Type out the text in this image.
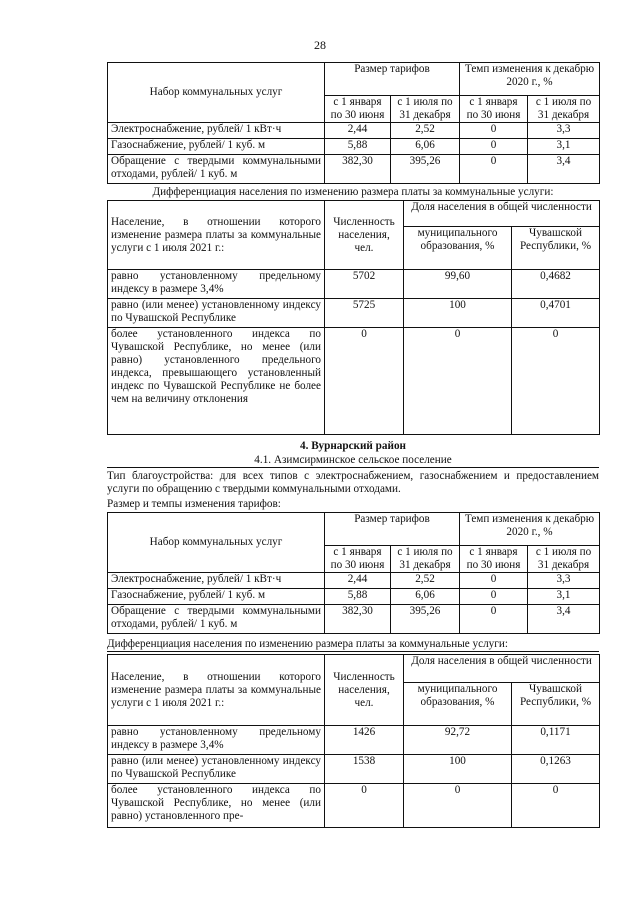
28
Набор коммунальных услуг	Размер тарифов		Темп изменения к декабрю 2020 г., %	
	с 1 января по 30 июня	с 1 июля по 31 декабря	с 1 января по 30 июня	с 1 июля по 31 декабря
Электроснабжение, рублей/ 1 кВт·ч	2,44	2,52	0	3,3
Газоснабжение, рублей/ 1 куб. м	5,88	6,06	0	3,1
Обращение с твердыми коммунальными отходами, рублей/ 1 куб. м	382,30	395,26	0	3,4
Дифференциация населения по изменению размера платы за коммунальные услуги:
Население, в отношении которого изменение размера платы за коммунальные услуги с 1 июля 2021 г.:	Численность населения, чел.	Доля населения в общей численности	
		муниципального образования, %	Чувашской Республики, %
равно установленному предельному индексу в размере 3,4%	5702	99,60	0,4682
равно (или менее) установленному индексу по Чувашской Республике	5725	100	0,4701
более установленного индекса по Чувашской Республике, но менее (или равно) установленного предельного индекса, превышающего установленный индекс по Чувашской Республике не более чем на величину отклонения	0	0	0
4. Вурнарский район
4.1. Азимсирминское сельское поселение
Тип благоустройства: для всех типов с электроснабжением, газоснабжением и предоставлением услуги по обращению с твердыми коммунальными отходами.
Размер и темпы изменения тарифов:
Набор коммунальных услуг	Размер тарифов		Темп изменения к декабрю 2020 г., %	
	с 1 января по 30 июня	с 1 июля по 31 декабря	с 1 января по 30 июня	с 1 июля по 31 декабря
Электроснабжение, рублей/ 1 кВт·ч	2,44	2,52	0	3,3
Газоснабжение, рублей/ 1 куб. м	5,88	6,06	0	3,1
Обращение с твердыми коммунальными отходами, рублей/ 1 куб. м	382,30	395,26	0	3,4
Дифференциация населения по изменению размера платы за коммунальные услуги:
Население, в отношении которого изменение размера платы за коммунальные услуги с 1 июля 2021 г.:	Численность населения, чел.	Доля населения в общей численности	
		муниципального образования, %	Чувашской Республики, %
равно установленному предельному индексу в размере 3,4%	1426	92,72	0,1171
равно (или менее) установленному индексу по Чувашской Республике	1538	100	0,1263
более установленного индекса по Чувашской Республике, но менее (или равно) установленного пре-	0	0	0
